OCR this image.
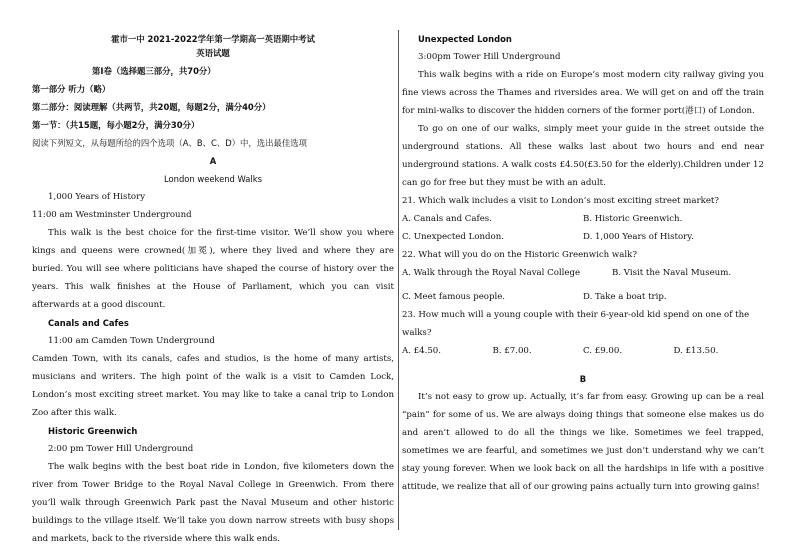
霍市一中 2021-2022学年第一学期高一英语期中考试

英语试题

第Ⅰ卷（选择题三部分，共70分）

第一部分 听力（略）

第二部分：阅读理解（共两节，共20题，每题2分，满分40分）

第一节：（共15题，每小题2分，满分30分）

阅读下列短文，从每题所给的四个选项（A、B、C、D）中，选出最佳选项

A

London weekend Walks

1,000 Years of History

11:00 am Westminster Underground

This walk is the best choice for the first-time visitor. We’ll show you where kings and queens were crowned(加冕), where they lived and where they are buried. You will see where politicians have shaped the course of history over the years. This walk finishes at the House of Parliament, which you can visit afterwards at a good discount.

Canals and Cafes

11:00 am Camden Town Underground

Camden Town, with its canals, cafes and studios, is the home of many artists, musicians and writers. The high point of the walk is a visit to Camden Lock, London’s most exciting street market. You may like to take a canal trip to London Zoo after this walk.

Historic Greenwich

2:00 pm Tower Hill Underground

The walk begins with the best boat ride in London, five kilometers down the river from Tower Bridge to the Royal Naval College in Greenwich. From there you’ll walk through Greenwich Park past the Naval Museum and other historic buildings to the village itself. We’ll take you down narrow streets with busy shops and markets, back to the riverside where this walk ends.

Unexpected London

3:00pm Tower Hill Underground

This walk begins with a ride on Europe’s most modern city railway giving you fine views across the Thames and riversides area. We will get on and off the train for mini-walks to discover the hidden corners of the former port(港口) of London.

To go on one of our walks, simply meet your guide in the street outside the underground stations. All these walks last about two hours and end near underground stations. A walk costs £4.50(£3.50 for the elderly).Children under 12 can go for free but they must be with an adult.

21. Which walk includes a visit to London’s most exciting street market?

A. Canals and Cafes.	B. Historic Greenwich.
C. Unexpected London.	D. 1,000 Years of History.

22. What will you do on the Historic Greenwich walk?

A. Walk through the Royal Naval College	B. Visit the Naval Museum.
C. Meet famous people.	D. Take a boat trip.

23. How much will a young couple with their 6-year-old kid spend on one of the walks?

A. £4.50.	B. £7.00.	C. £9.00.	D. £13.50.

B

It’s not easy to grow up. Actually, it’s far from easy. Growing up can be a real “pain” for some of us. We are always doing things that someone else makes us do and aren’t allowed to do all the things we like. Sometimes we feel trapped, sometimes we are fearful, and sometimes we just don’t understand why we can’t stay young forever. When we look back on all the hardships in life with a positive attitude, we realize that all of our growing pains actually turn into growing gains!
